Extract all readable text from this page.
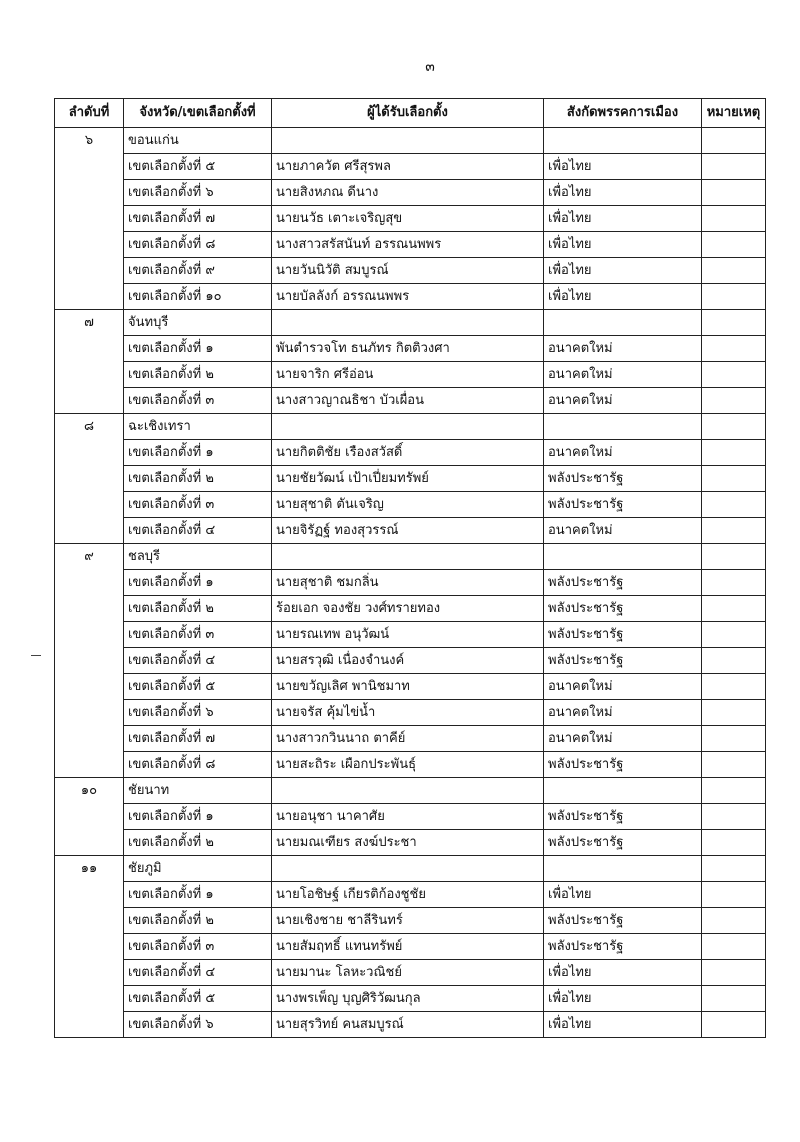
๓
ลำดับที่	จังหวัด/เขตเลือกตั้งที่	ผู้ได้รับเลือกตั้ง	สังกัดพรรคการเมือง	หมายเหตุ
๖	ขอนแก่น			
	เขตเลือกตั้งที่ ๕	นายภาควัต ศรีสุรพล	เพื่อไทย	
	เขตเลือกตั้งที่ ๖	นายสิงหภณ ดีนาง	เพื่อไทย	
	เขตเลือกตั้งที่ ๗	นายนวัธ เตาะเจริญสุข	เพื่อไทย	
	เขตเลือกตั้งที่ ๘	นางสาวสรัสนันท์ อรรณนพพร	เพื่อไทย	
	เขตเลือกตั้งที่ ๙	นายวันนิวัติ สมบูรณ์	เพื่อไทย	
	เขตเลือกตั้งที่ ๑๐	นายบัลลังก์ อรรณนพพร	เพื่อไทย	
๗	จันทบุรี			
	เขตเลือกตั้งที่ ๑	พันตำรวจโท ธนภัทร กิตติวงศา	อนาคตใหม่	
	เขตเลือกตั้งที่ ๒	นายจาริก ศรีอ่อน	อนาคตใหม่	
	เขตเลือกตั้งที่ ๓	นางสาวญาณธิชา บัวเผื่อน	อนาคตใหม่	
๘	ฉะเชิงเทรา			
	เขตเลือกตั้งที่ ๑	นายกิตติชัย เรืองสวัสดิ์	อนาคตใหม่	
	เขตเลือกตั้งที่ ๒	นายชัยวัฒน์ เป้าเปี่ยมทรัพย์	พลังประชารัฐ	
	เขตเลือกตั้งที่ ๓	นายสุชาติ ตันเจริญ	พลังประชารัฐ	
	เขตเลือกตั้งที่ ๔	นายจิรัฏฐ์ ทองสุวรรณ์	อนาคตใหม่	
๙	ชลบุรี			
	เขตเลือกตั้งที่ ๑	นายสุชาติ ชมกลิ่น	พลังประชารัฐ	
	เขตเลือกตั้งที่ ๒	ร้อยเอก จองชัย วงศ์ทรายทอง	พลังประชารัฐ	
	เขตเลือกตั้งที่ ๓	นายรณเทพ อนุวัฒน์	พลังประชารัฐ	
	เขตเลือกตั้งที่ ๔	นายสรวุฒิ เนื่องจำนงค์	พลังประชารัฐ	
	เขตเลือกตั้งที่ ๕	นายขวัญเลิศ พานิชมาท	อนาคตใหม่	
	เขตเลือกตั้งที่ ๖	นายจรัส คุ้มไข่น้ำ	อนาคตใหม่	
	เขตเลือกตั้งที่ ๗	นางสาวกวินนาถ ตาคีย์	อนาคตใหม่	
	เขตเลือกตั้งที่ ๘	นายสะถิระ เผือกประพันธุ์	พลังประชารัฐ	
๑๐	ชัยนาท			
	เขตเลือกตั้งที่ ๑	นายอนุชา นาคาศัย	พลังประชารัฐ	
	เขตเลือกตั้งที่ ๒	นายมณเฑียร สงฆ์ประชา	พลังประชารัฐ	
๑๑	ชัยภูมิ			
	เขตเลือกตั้งที่ ๑	นายโอชิษฐ์ เกียรติก้องชูชัย	เพื่อไทย	
	เขตเลือกตั้งที่ ๒	นายเชิงชาย ชาลีรินทร์	พลังประชารัฐ	
	เขตเลือกตั้งที่ ๓	นายสัมฤทธิ์ แทนทรัพย์	พลังประชารัฐ	
	เขตเลือกตั้งที่ ๔	นายมานะ โลหะวณิชย์	เพื่อไทย	
	เขตเลือกตั้งที่ ๕	นางพรเพ็ญ บุญศิริวัฒนกุล	เพื่อไทย	
	เขตเลือกตั้งที่ ๖	นายสุรวิทย์ คนสมบูรณ์	เพื่อไทย	
